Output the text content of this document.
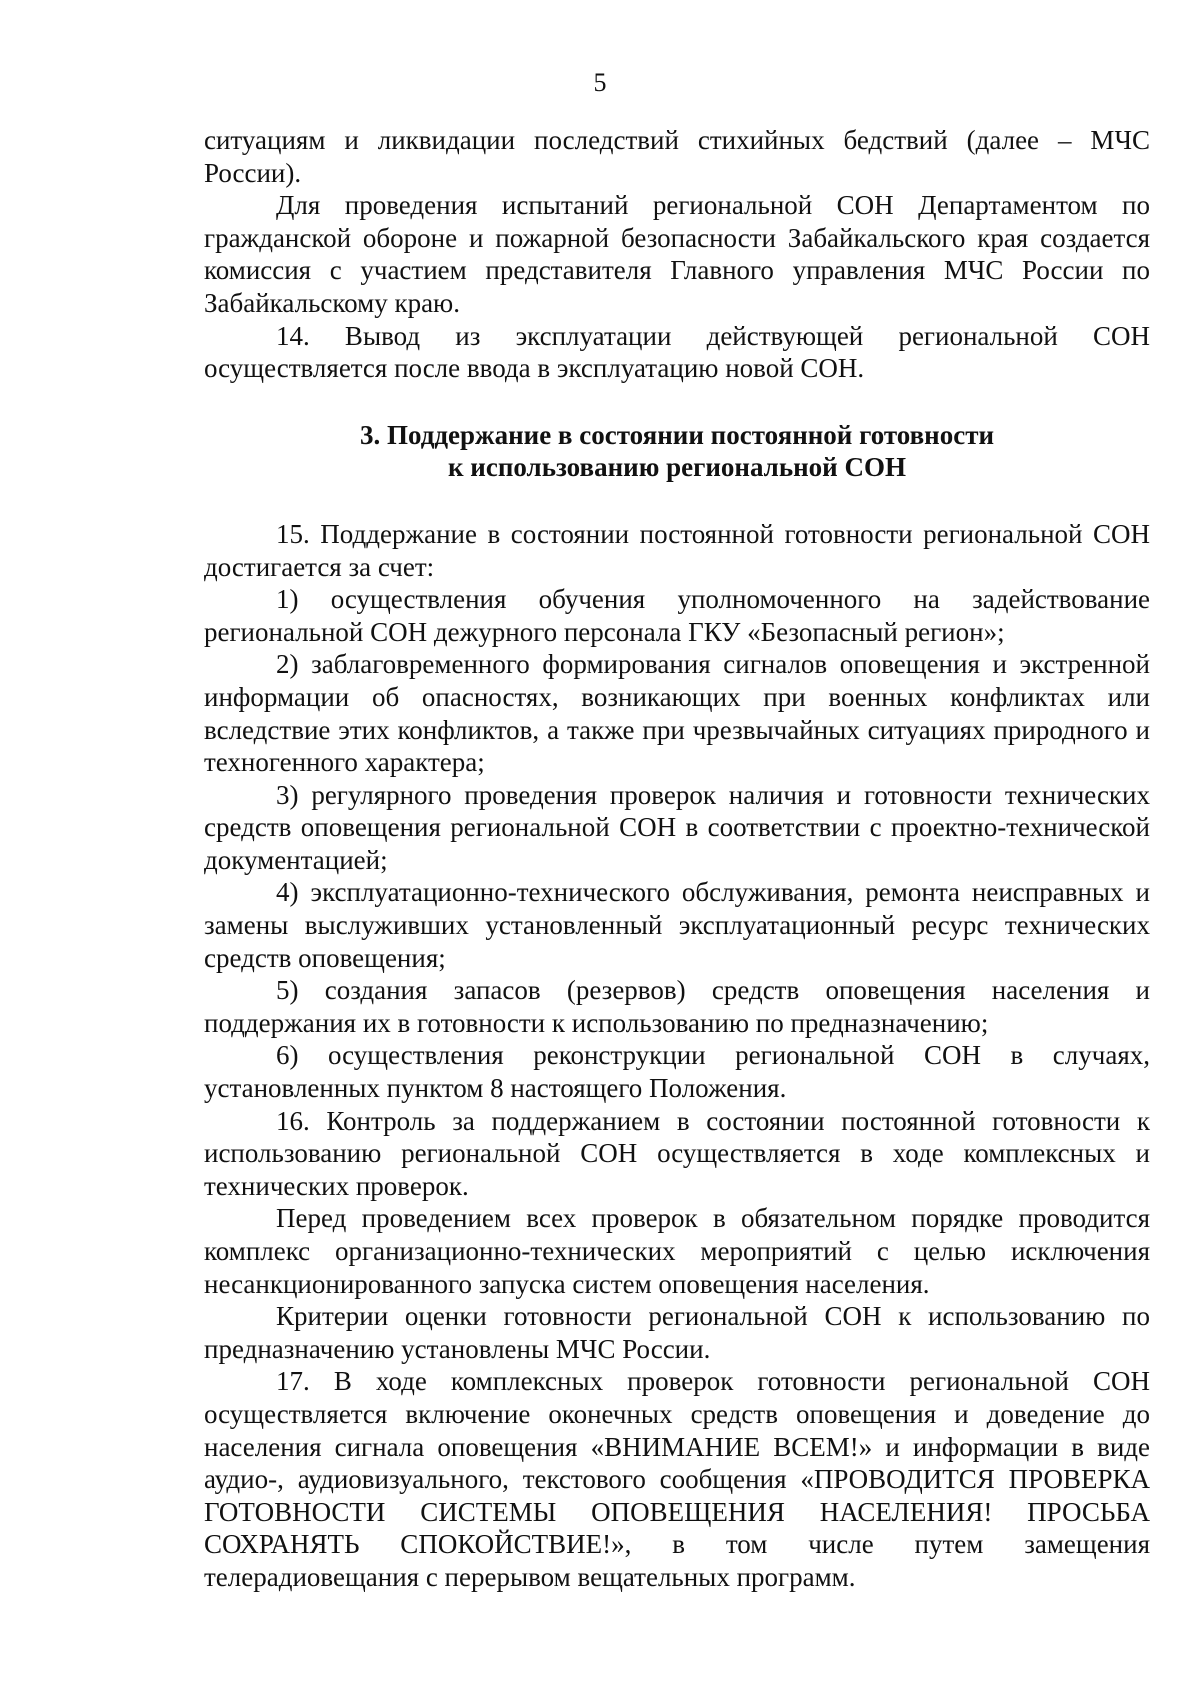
5

ситуациям и ликвидации последствий стихийных бедствий (далее – МЧС России).

Для проведения испытаний региональной СОН Департаментом по гражданской обороне и пожарной безопасности Забайкальского края создается комиссия с участием представителя Главного управления МЧС России по Забайкальскому краю.

14. Вывод из эксплуатации действующей региональной СОН осуществляется после ввода в эксплуатацию новой СОН.

3. Поддержание в состоянии постоянной готовности
к использованию региональной СОН

15. Поддержание в состоянии постоянной готовности региональной СОН достигается за счет:

1) осуществления обучения уполномоченного на задействование региональной СОН дежурного персонала ГКУ «Безопасный регион»;

2) заблаговременного формирования сигналов оповещения и экстренной информации об опасностях, возникающих при военных конфликтах или вследствие этих конфликтов, а также при чрезвычайных ситуациях природного и техногенного характера;

3) регулярного проведения проверок наличия и готовности технических средств оповещения региональной СОН в соответствии с проектно-технической документацией;

4) эксплуатационно-технического обслуживания, ремонта неисправных и замены выслуживших установленный эксплуатационный ресурс технических средств оповещения;

5) создания запасов (резервов) средств оповещения населения и поддержания их в готовности к использованию по предназначению;

6) осуществления реконструкции региональной СОН в случаях, установленных пунктом 8 настоящего Положения.

16. Контроль за поддержанием в состоянии постоянной готовности к использованию региональной СОН осуществляется в ходе комплексных и технических проверок.

Перед проведением всех проверок в обязательном порядке проводится комплекс организационно-технических мероприятий с целью исключения несанкционированного запуска систем оповещения населения.

Критерии оценки готовности региональной СОН к использованию по предназначению установлены МЧС России.

17. В ходе комплексных проверок готовности региональной СОН осуществляется включение оконечных средств оповещения и доведение до населения сигнала оповещения «ВНИМАНИЕ ВСЕМ!» и информации в виде аудио-, аудиовизуального, текстового сообщения «ПРОВОДИТСЯ ПРОВЕРКА ГОТОВНОСТИ СИСТЕМЫ ОПОВЕЩЕНИЯ НАСЕЛЕНИЯ! ПРОСЬБА СОХРАНЯТЬ СПОКОЙСТВИЕ!», в том числе путем замещения телерадиовещания с перерывом вещательных программ.
